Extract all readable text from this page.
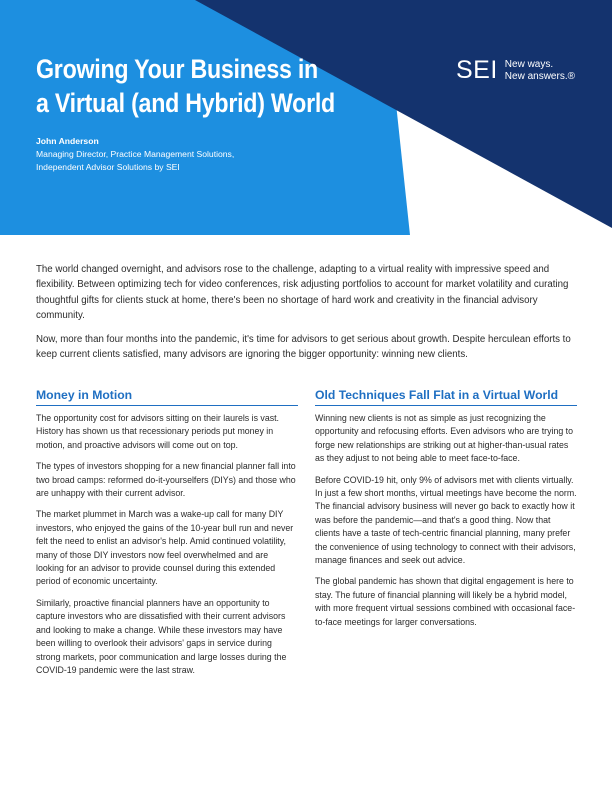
Growing Your Business in
a Virtual (and Hybrid) World
John Anderson
Managing Director, Practice Management Solutions,
Independent Advisor Solutions by SEI
SEI New ways.
New answers.®

The world changed overnight, and advisors rose to the challenge, adapting to a virtual reality with impressive speed and flexibility. Between optimizing tech for video conferences, risk adjusting portfolios to account for market volatility and curating thoughtful gifts for clients stuck at home, there's been no shortage of hard work and creativity in the financial advisory community.

Now, more than four months into the pandemic, it's time for advisors to get serious about growth. Despite herculean efforts to keep current clients satisfied, many advisors are ignoring the bigger opportunity: winning new clients.

Money in Motion

The opportunity cost for advisors sitting on their laurels is vast. History has shown us that recessionary periods put money in motion, and proactive advisors will come out on top.

The types of investors shopping for a new financial planner fall into two broad camps: reformed do-it-yourselfers (DIYs) and those who are unhappy with their current advisor.

The market plummet in March was a wake-up call for many DIY investors, who enjoyed the gains of the 10-year bull run and never felt the need to enlist an advisor's help. Amid continued volatility, many of those DIY investors now feel overwhelmed and are looking for an advisor to provide counsel during this extended period of economic uncertainty.

Similarly, proactive financial planners have an opportunity to capture investors who are dissatisfied with their current advisors and looking to make a change. While these investors may have been willing to overlook their advisors' gaps in service during strong markets, poor communication and large losses during the COVID-19 pandemic were the last straw.

Old Techniques Fall Flat in a Virtual World

Winning new clients is not as simple as just recognizing the opportunity and refocusing efforts. Even advisors who are trying to forge new relationships are striking out at higher-than-usual rates as they adjust to not being able to meet face-to-face.

Before COVID-19 hit, only 9% of advisors met with clients virtually. In just a few short months, virtual meetings have become the norm. The financial advisory business will never go back to exactly how it was before the pandemic—and that's a good thing. Now that clients have a taste of tech-centric financial planning, many prefer the convenience of using technology to connect with their advisors, manage finances and seek out advice.

The global pandemic has shown that digital engagement is here to stay. The future of financial planning will likely be a hybrid model, with more frequent virtual sessions combined with occasional face-to-face meetings for larger conversations.
